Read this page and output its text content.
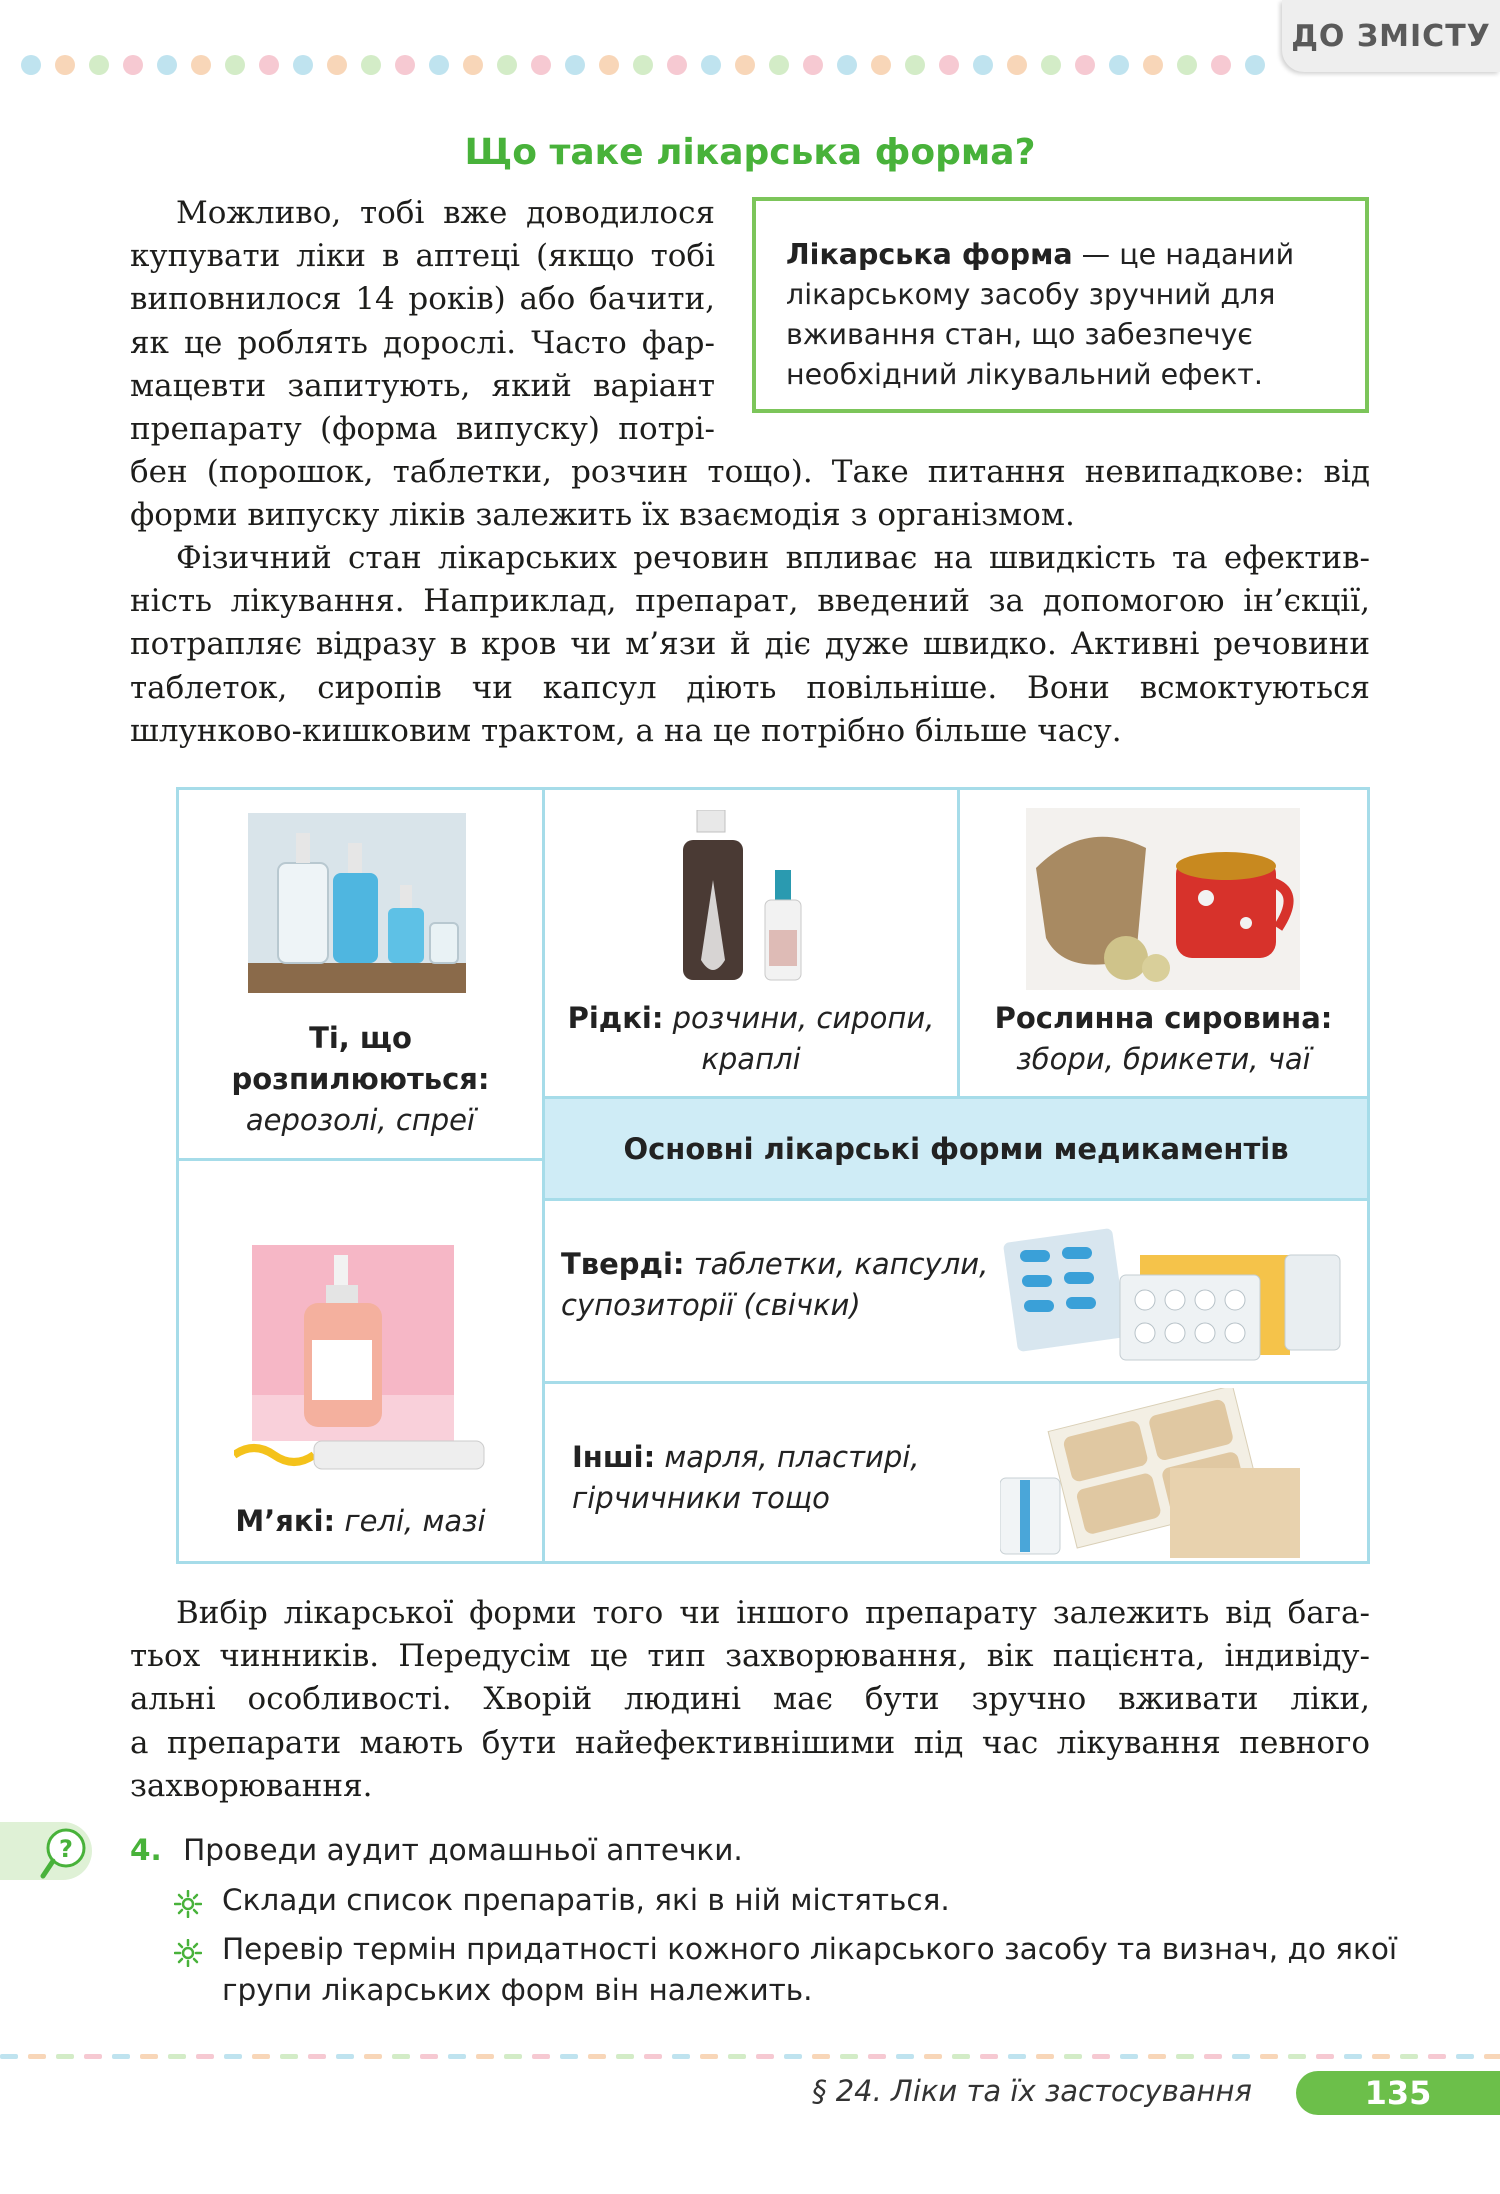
ДО ЗМІСТУ
Що таке лікарська форма?
Можливо, тобі вже доводилося
купувати ліки в аптеці (якщо тобі
виповнилося 14 років) або бачити,
як це роблять дорослі. Часто фар-
мацевти запитують, який варіант
препарату (форма випуску) потрі-
бен (порошок, таблетки, розчин тощо). Таке питання невипадкове: від
форми випуску ліків залежить їх взаємодія з організмом.
Лікарська форма — це наданий
лікарському засобу зручний для
вживання стан, що забезпечує
необхідний лікувальний ефект.
Фізичний стан лікарських речовин впливає на швидкість та ефектив-
ність лікування. Наприклад, препарат, введений за допомогою ін’єкції,
потрапляє відразу в кров чи м’язи й діє дуже швидко. Активні речовини
таблеток, сиропів чи капсул діють повільніше. Вони всмоктуються
шлунково-кишковим трактом, а на це потрібно більше часу.
Ті, що
розпилюються:
аерозолі, спреї
Рідкі: розчини, сиропи,
краплі
Рослинна сировина:
збори, брикети, чаї
Основні лікарські форми медикаментів
М’які: гелі, мазі
Тверді: таблетки, капсули,
супозиторії (свічки)
Інші: марля, пластирі,
гірчичники тощо
Вибір лікарської форми того чи іншого препарату залежить від бага-
тьох чинників. Передусім це тип захворювання, вік пацієнта, індивіду-
альні особливості. Хворій людині має бути зручно вживати ліки,
а препарати мають бути найефективнішими під час лікування певного
захворювання.
? 4. Проведи аудит домашньої аптечки.
Склади список препаратів, які в ній містяться.
Перевір термін придатності кожного лікарського засобу та визнач, до якої
групи лікарських форм він належить.
§ 24. Ліки та їх застосування	135
